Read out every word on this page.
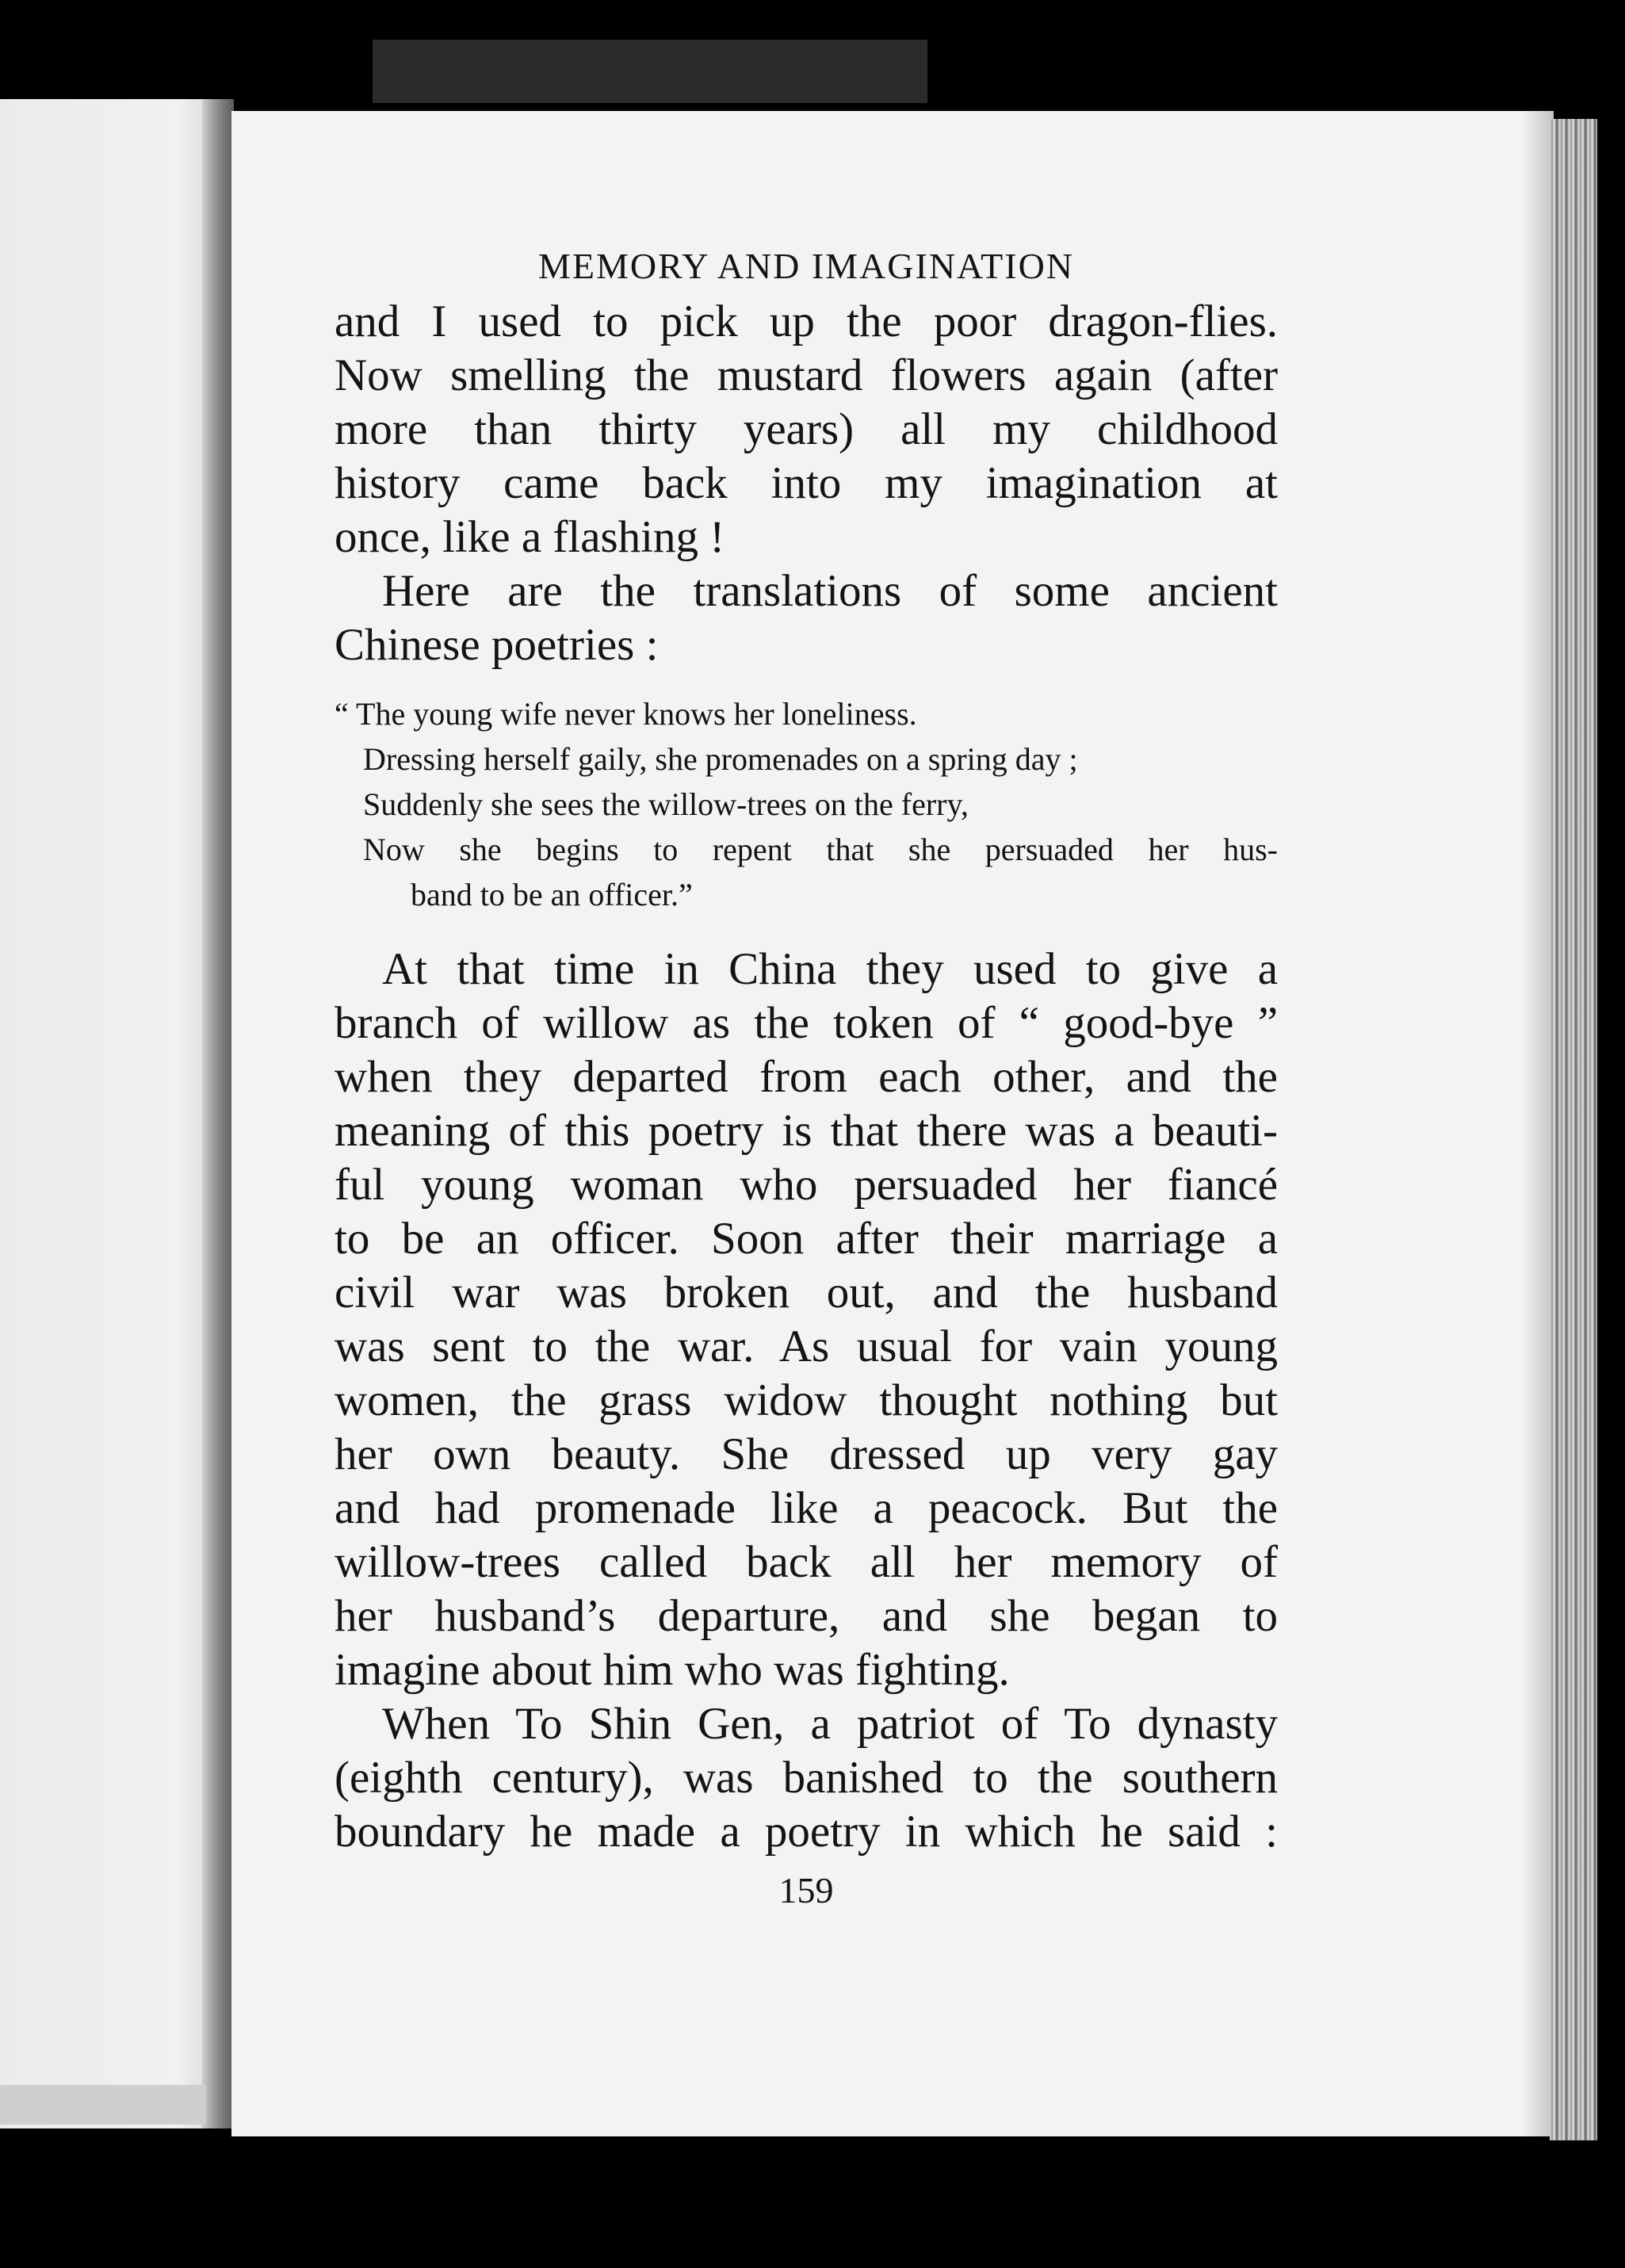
MEMORY AND IMAGINATION
and I used to pick up the poor dragon-flies.
Now smelling the mustard flowers again (after
more than thirty years) all my childhood
history came back into my imagination at
once, like a flashing !
Here are the translations of some ancient
Chinese poetries :
“ The young wife never knows her loneliness.
Dressing herself gaily, she promenades on a spring day ;
Suddenly she sees the willow-trees on the ferry,
Now she begins to repent that she persuaded her hus-
band to be an officer.”
At that time in China they used to give a
branch of willow as the token of “ good-bye ”
when they departed from each other, and the
meaning of this poetry is that there was a beauti-
ful young woman who persuaded her fiancé
to be an officer. Soon after their marriage a
civil war was broken out, and the husband
was sent to the war. As usual for vain young
women, the grass widow thought nothing but
her own beauty. She dressed up very gay
and had promenade like a peacock. But the
willow-trees called back all her memory of
her husband’s departure, and she began to
imagine about him who was fighting.
When To Shin Gen, a patriot of To dynasty
(eighth century), was banished to the southern
boundary he made a poetry in which he said :
159
